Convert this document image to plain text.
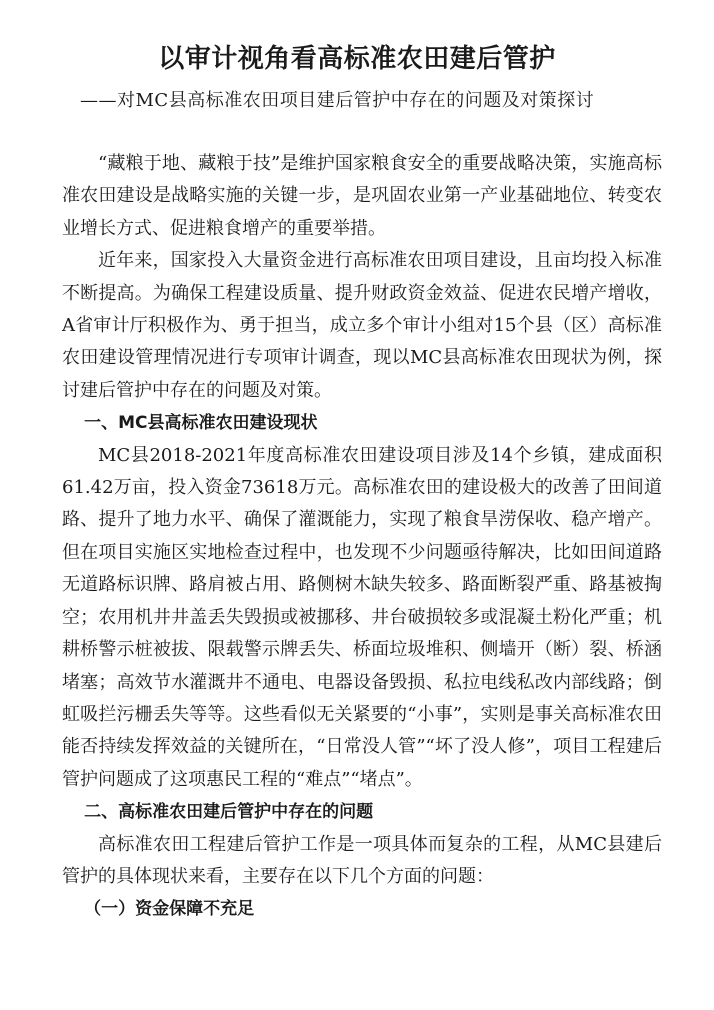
以审计视角看高标准农田建后管护
——对MC县高标准农田项目建后管护中存在的问题及对策探讨

“藏粮于地、藏粮于技”是维护国家粮食安全的重要战略决策，实施高标准农田建设是战略实施的关键一步，是巩固农业第一产业基础地位、转变农业增长方式、促进粮食增产的重要举措。

近年来，国家投入大量资金进行高标准农田项目建设，且亩均投入标准不断提高。为确保工程建设质量、提升财政资金效益、促进农民增产增收，A省审计厅积极作为、勇于担当，成立多个审计小组对15个县（区）高标准农田建设管理情况进行专项审计调查，现以MC县高标准农田现状为例，探讨建后管护中存在的问题及对策。

一、MC县高标准农田建设现状

MC县2018-2021年度高标准农田建设项目涉及14个乡镇，建成面积61.42万亩，投入资金73618万元。高标准农田的建设极大的改善了田间道路、提升了地力水平、确保了灌溉能力，实现了粮食旱涝保收、稳产增产。但在项目实施区实地检查过程中，也发现不少问题亟待解决，比如田间道路无道路标识牌、路肩被占用、路侧树木缺失较多、路面断裂严重、路基被掏空；农用机井井盖丢失毁损或被挪移、井台破损较多或混凝土粉化严重；机耕桥警示桩被拔、限载警示牌丢失、桥面垃圾堆积、侧墙开（断）裂、桥涵堵塞；高效节水灌溉井不通电、电器设备毁损、私拉电线私改内部线路；倒虹吸拦污栅丢失等等。这些看似无关紧要的“小事”，实则是事关高标准农田能否持续发挥效益的关键所在，“日常没人管”“坏了没人修”，项目工程建后管护问题成了这项惠民工程的“难点”“堵点”。

二、高标准农田建后管护中存在的问题

高标准农田工程建后管护工作是一项具体而复杂的工程，从MC县建后管护的具体现状来看，主要存在以下几个方面的问题：

（一）资金保障不充足
